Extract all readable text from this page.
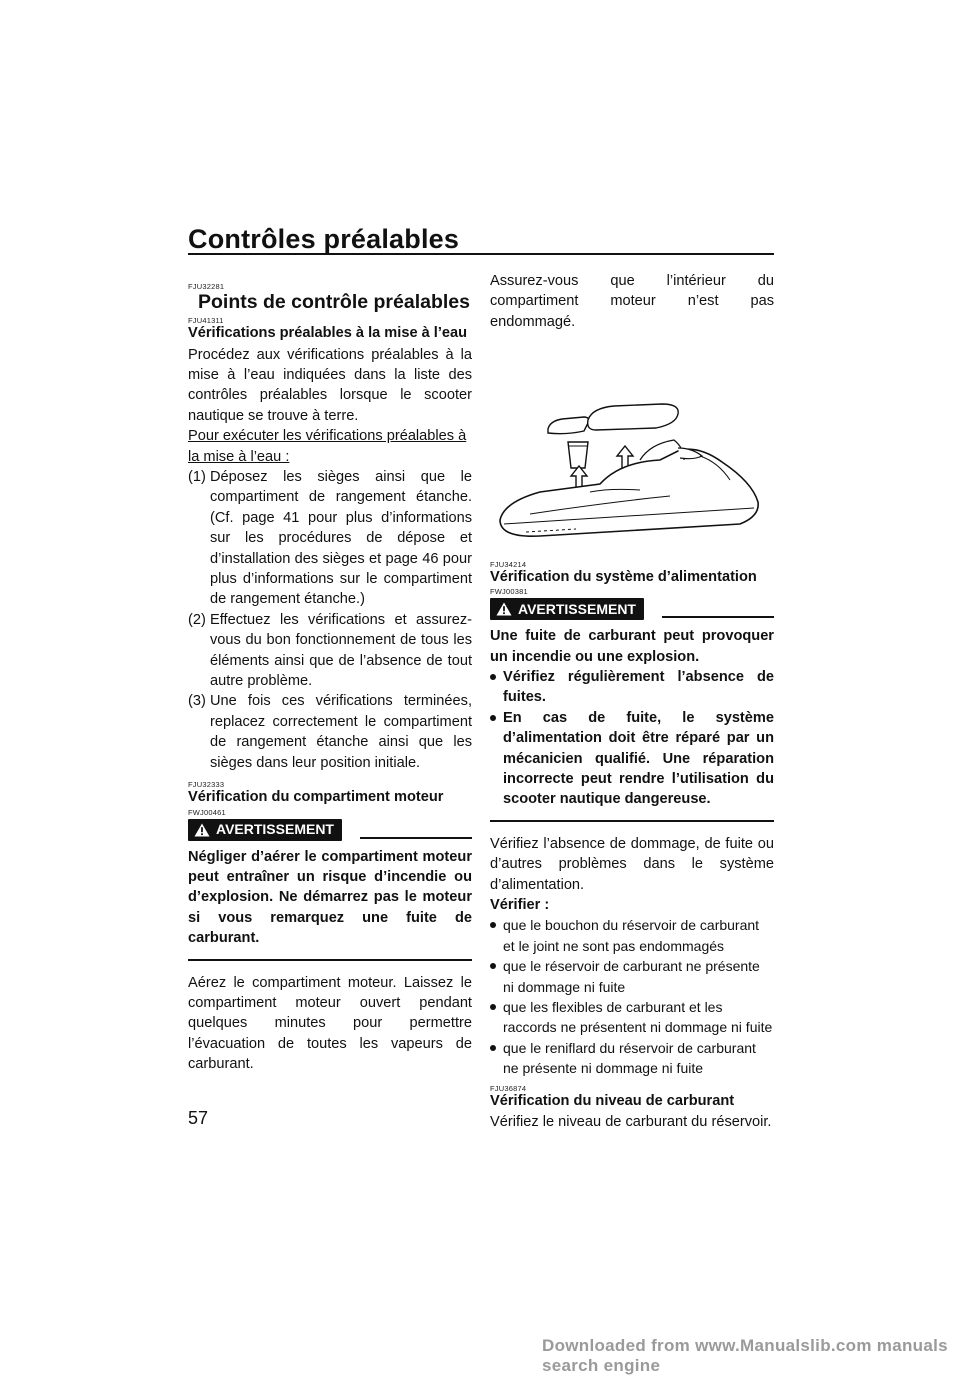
Contrôles préalables
FJU32281
Points de contrôle préalables
FJU41311
Vérifications préalables à la mise à l’eau

Procédez aux vérifications préalables à la mise à l’eau indiquées dans la liste des contrôles préalables lorsque le scooter nautique se trouve à terre.

Pour exécuter les vérifications préalables à la mise à l’eau :

(1) Déposez les sièges ainsi que le compartiment de rangement étanche. (Cf. page 41 pour plus d’informations sur les procédures de dépose et d’installation des sièges et page 46 pour plus d’informations sur le compartiment de rangement étanche.)
(2) Effectuez les vérifications et assurez-vous du bon fonctionnement de tous les éléments ainsi que de l’absence de tout autre problème.
(3) Une fois ces vérifications terminées, replacez correctement le compartiment de rangement étanche ainsi que les sièges dans leur position initiale.
FJU32333
Vérification du compartiment moteur
FWJ00461
AVERTISSEMENT

Négliger d’aérer le compartiment moteur peut entraîner un risque d’incendie ou d’explosion. Ne démarrez pas le moteur si vous remarquez une fuite de carburant.

Aérez le compartiment moteur. Laissez le compartiment moteur ouvert pendant quelques minutes pour permettre l’évacuation de toutes les vapeurs de carburant.

Assurez-vous que l’intérieur du compartiment moteur n’est pas endommagé.

FJU34214
Vérification du système d’alimentation
FWJ00381
AVERTISSEMENT

Une fuite de carburant peut provoquer un incendie ou une explosion.

Vérifiez régulièrement l’absence de fuites.
En cas de fuite, le système d’alimentation doit être réparé par un mécanicien qualifié. Une réparation incorrecte peut rendre l’utilisation du scooter nautique dangereuse.

Vérifiez l’absence de dommage, de fuite ou d’autres problèmes dans le système d’alimentation.

Vérifier :
que le bouchon du réservoir de carburant et le joint ne sont pas endommagés
que le réservoir de carburant ne présente ni dommage ni fuite
que les flexibles de carburant et les raccords ne présentent ni dommage ni fuite
que le reniflard du réservoir de carburant ne présente ni dommage ni fuite
FJU36874
Vérification du niveau de carburant

Vérifiez le niveau de carburant du réservoir.

57
Downloaded from www.Manualslib.com manuals search engine
